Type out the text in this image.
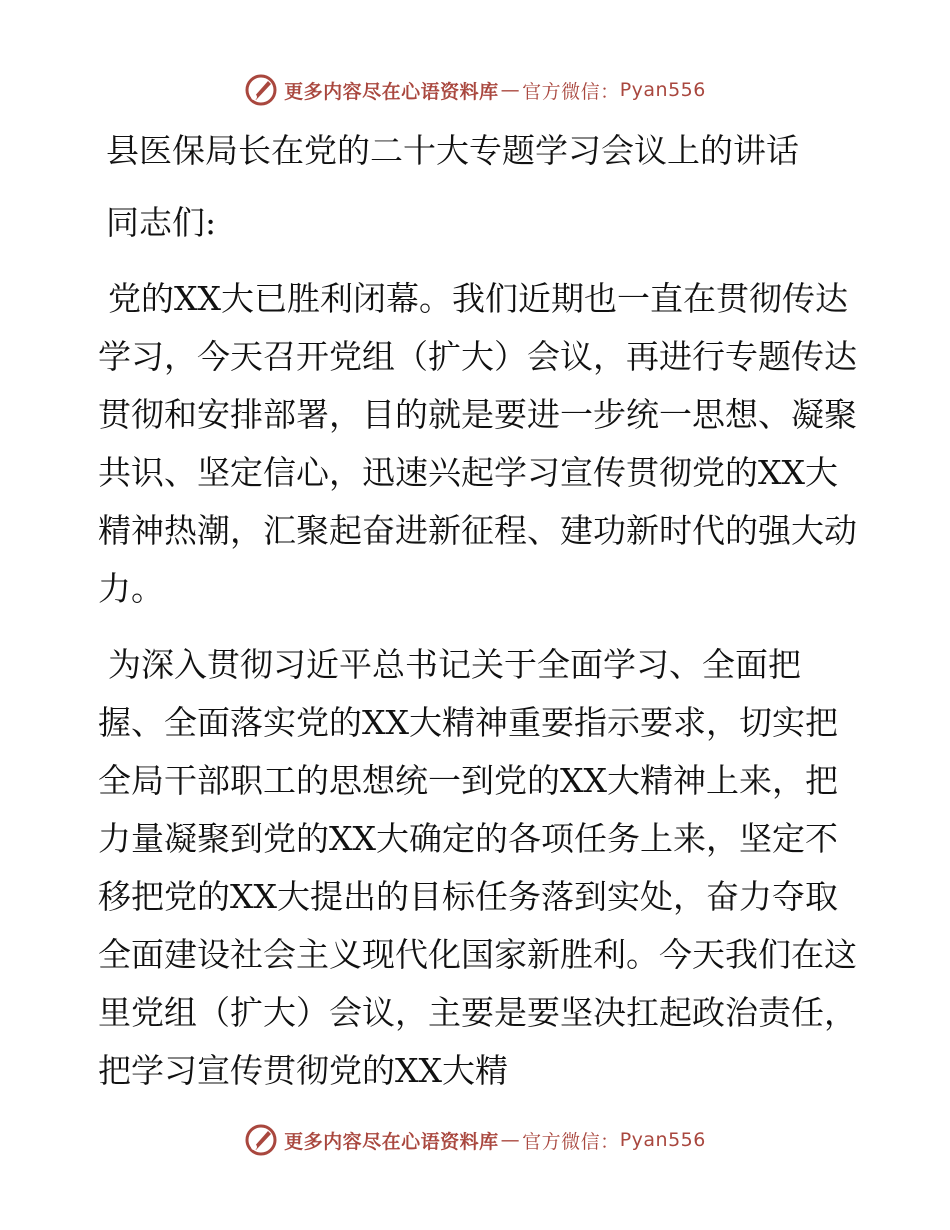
更多内容尽在心语资料库 — 官方微信： Pyan556
县医保局长在党的二十大专题学习会议上的讲话

同志们:

党的XX大已胜利闭幕。我们近期也一直在贯彻传达学习，今天召开党组（扩大）会议，再进行专题传达贯彻和安排部署，目的就是要进一步统一思想、凝聚共识、坚定信心，迅速兴起学习宣传贯彻党的XX大精神热潮，汇聚起奋进新征程、建功新时代的强大动力。

为深入贯彻习近平总书记关于全面学习、全面把握、全面落实党的XX大精神重要指示要求，切实把全局干部职工的思想统一到党的XX大精神上来，把力量凝聚到党的XX大确定的各项任务上来，坚定不移把党的XX大提出的目标任务落到实处，奋力夺取全面建设社会主义现代化国家新胜利。今天我们在这里党组（扩大）会议，主要是要坚决扛起政治责任，把学习宣传贯彻党的XX大精

更多内容尽在心语资料库 — 官方微信： Pyan556
